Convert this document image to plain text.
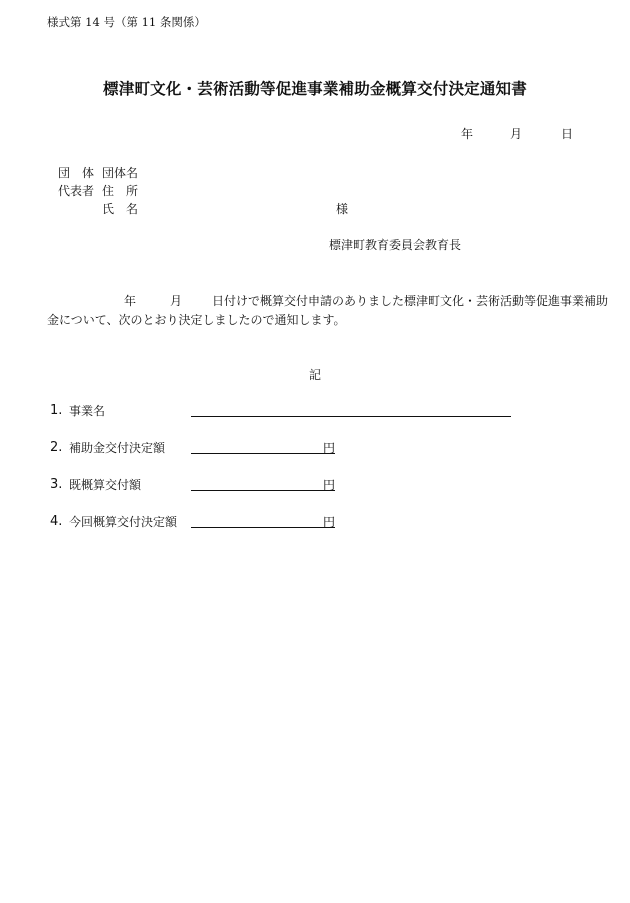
様式第 14 号（第 11 条関係）
標津町文化・芸術活動等促進事業補助金概算交付決定通知書
年	月	日
団　体 団体名
代表者 住　所
氏　名	様
標津町教育委員会教育長
年	月 日付けで概算交付申請のありました標津町文化・芸術活動等促進事業補助
金について、次のとおり決定しましたので通知します。
記
1. 事業名
2. 補助金交付決定額	円
3. 既概算交付額	円
4. 今回概算交付決定額	円
